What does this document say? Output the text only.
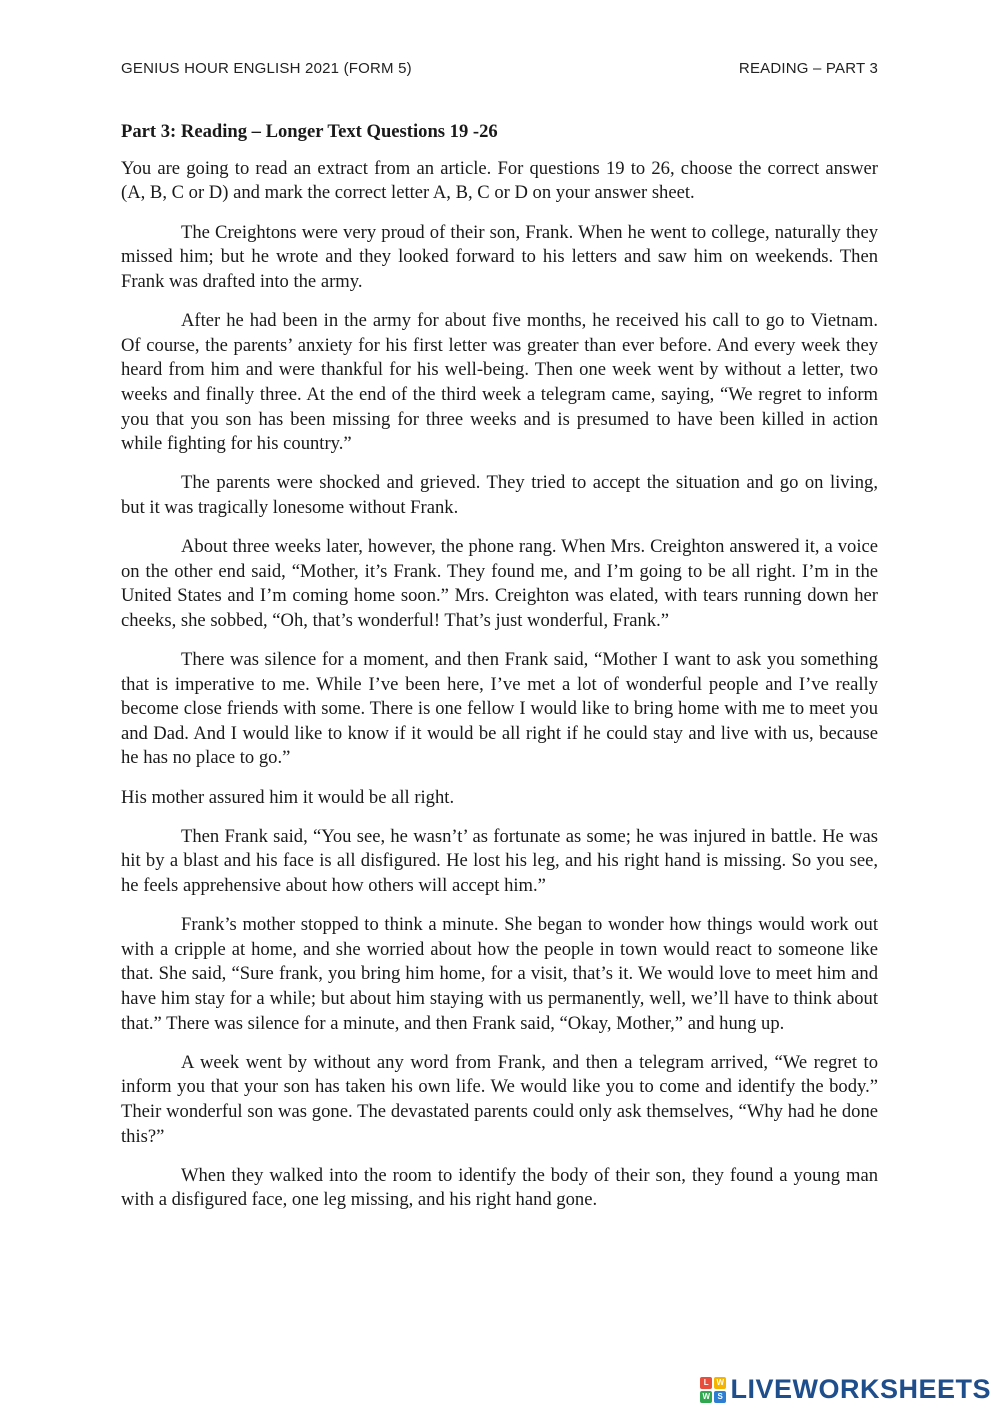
GENIUS HOUR ENGLISH 2021 (FORM 5)	READING – PART 3

Part 3: Reading – Longer Text Questions 19 -26

You are going to read an extract from an article. For questions 19 to 26, choose the correct answer (A, B, C or D) and mark the correct letter A, B, C or D on your answer sheet.

The Creightons were very proud of their son, Frank. When he went to college, naturally they missed him; but he wrote and they looked forward to his letters and saw him on weekends. Then Frank was drafted into the army.

After he had been in the army for about five months, he received his call to go to Vietnam. Of course, the parents’ anxiety for his first letter was greater than ever before. And every week they heard from him and were thankful for his well-being. Then one week went by without a letter, two weeks and finally three. At the end of the third week a telegram came, saying, “We regret to inform you that you son has been missing for three weeks and is presumed to have been killed in action while fighting for his country.”

The parents were shocked and grieved. They tried to accept the situation and go on living, but it was tragically lonesome without Frank.

About three weeks later, however, the phone rang. When Mrs. Creighton answered it, a voice on the other end said, “Mother, it’s Frank. They found me, and I’m going to be all right. I’m in the United States and I’m coming home soon.” Mrs. Creighton was elated, with tears running down her cheeks, she sobbed, “Oh, that’s wonderful! That’s just wonderful, Frank.”

There was silence for a moment, and then Frank said, “Mother I want to ask you something that is imperative to me. While I’ve been here, I’ve met a lot of wonderful people and I’ve really become close friends with some. There is one fellow I would like to bring home with me to meet you and Dad. And I would like to know if it would be all right if he could stay and live with us, because he has no place to go.”

His mother assured him it would be all right.

Then Frank said, “You see, he wasn’t’ as fortunate as some; he was injured in battle. He was hit by a blast and his face is all disfigured. He lost his leg, and his right hand is missing. So you see, he feels apprehensive about how others will accept him.”

Frank’s mother stopped to think a minute. She began to wonder how things would work out with a cripple at home, and she worried about how the people in town would react to someone like that. She said, “Sure frank, you bring him home, for a visit, that’s it. We would love to meet him and have him stay for a while; but about him staying with us permanently, well, we’ll have to think about that.” There was silence for a minute, and then Frank said, “Okay, Mother,” and hung up.

A week went by without any word from Frank, and then a telegram arrived, “We regret to inform you that your son has taken his own life. We would like you to come and identify the body.” Their wonderful son was gone. The devastated parents could only ask themselves, “Why had he done this?”

When they walked into the room to identify the body of their son, they found a young man with a disfigured face, one leg missing, and his right hand gone.

L W
W S LIVEWORKSHEETS
